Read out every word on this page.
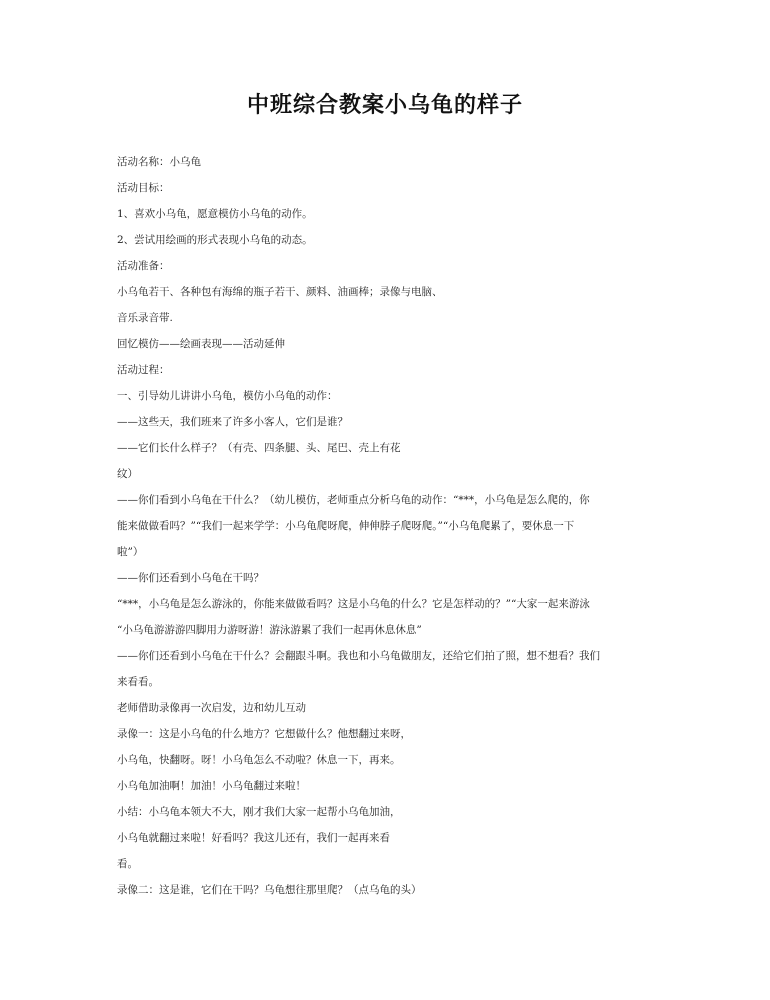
中班综合教案小乌龟的样子
活动名称：小乌龟
活动目标：
1、喜欢小乌龟，愿意模仿小乌龟的动作。
2、尝试用绘画的形式表现小乌龟的动态。
活动准备：
小乌龟若干、各种包有海绵的瓶子若干、颜料、油画棒；录像与电脑、
音乐录音带.
回忆模仿——绘画表现——活动延伸
活动过程：
一、引导幼儿讲讲小乌龟，模仿小乌龟的动作：
——这些天，我们班来了许多小客人，它们是谁？
——它们长什么样子？（有壳、四条腿、头、尾巴、壳上有花
纹）
——你们看到小乌龟在干什么？（幼儿模仿，老师重点分析乌龟的动作：“***，小乌龟是怎么爬的，你
能来做做看吗？”“我们一起来学学：小乌龟爬呀爬，伸伸脖子爬呀爬。”“小乌龟爬累了，要休息一下
啦”）
——你们还看到小乌龟在干吗？
“***，小乌龟是怎么游泳的，你能来做做看吗？这是小乌龟的什么？它是怎样动的？”“大家一起来游泳
“小乌龟游游游四脚用力游呀游！游泳游累了我们一起再休息休息”
——你们还看到小乌龟在干什么？会翻跟斗啊。我也和小乌龟做朋友，还给它们拍了照，想不想看？我们
来看看。
老师借助录像再一次启发，边和幼儿互动
录像一：这是小乌龟的什么地方？它想做什么？他想翻过来呀，
小乌龟，快翻呀。呀！小乌龟怎么不动啦？休息一下，再来。
小乌龟加油啊！加油！小乌龟翻过来啦！
小结：小乌龟本领大不大，刚才我们大家一起帮小乌龟加油，
小乌龟就翻过来啦！好看吗？我这儿还有，我们一起再来看
看。
录像二：这是谁，它们在干吗？乌龟想往那里爬？（点乌龟的头）
